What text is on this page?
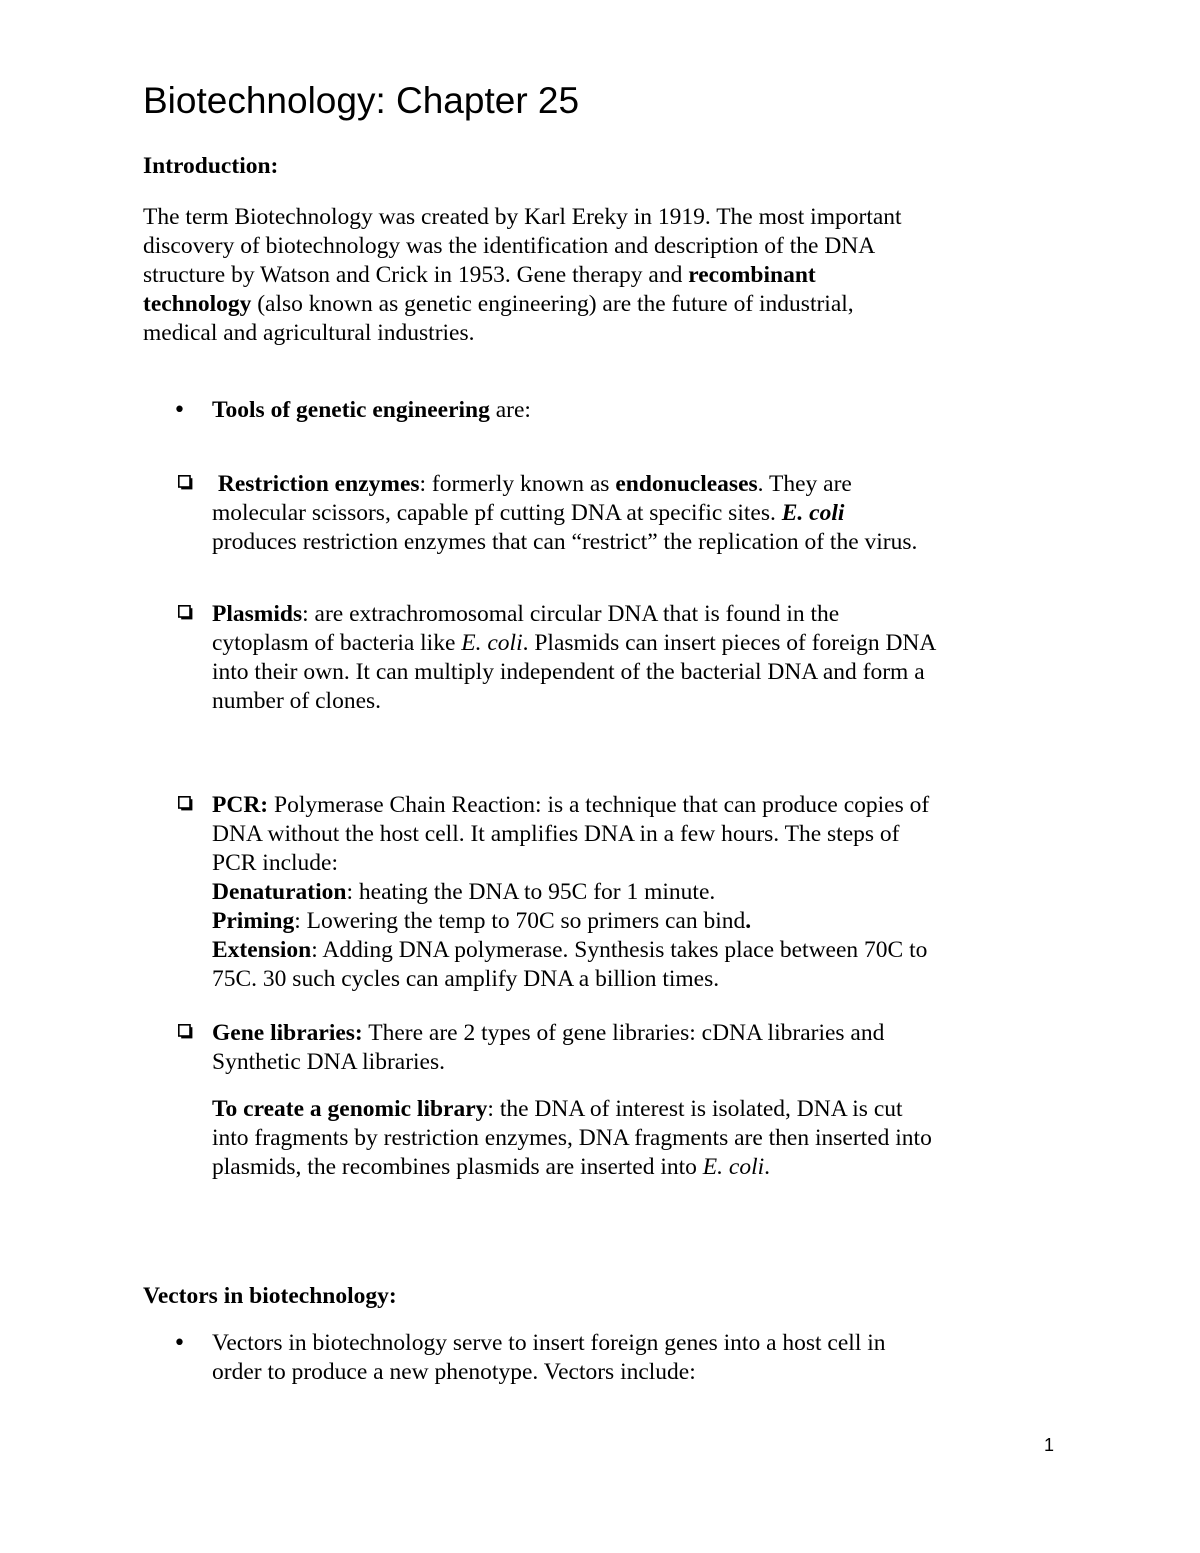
Biotechnology: Chapter 25

Introduction:

The term Biotechnology was created by Karl Ereky in 1919. The most important
discovery of biotechnology was the identification and description of the DNA
structure by Watson and Crick in 1953. Gene therapy and recombinant
technology (also known as genetic engineering) are the future of industrial,
medical and agricultural industries.
• Tools of genetic engineering are:
Restriction enzymes: formerly known as endonucleases. They are
molecular scissors, capable pf cutting DNA at specific sites. E. coli
produces restriction enzymes that can “restrict” the replication of the virus.
Plasmids: are extrachromosomal circular DNA that is found in the
cytoplasm of bacteria like E. coli. Plasmids can insert pieces of foreign DNA
into their own. It can multiply independent of the bacterial DNA and form a
number of clones.
PCR: Polymerase Chain Reaction: is a technique that can produce copies of
DNA without the host cell. It amplifies DNA in a few hours. The steps of
PCR include:
Denaturation: heating the DNA to 95C for 1 minute.
Priming: Lowering the temp to 70C so primers can bind.
Extension: Adding DNA polymerase. Synthesis takes place between 70C to
75C. 30 such cycles can amplify DNA a billion times.
Gene libraries: There are 2 types of gene libraries: cDNA libraries and
Synthetic DNA libraries.
To create a genomic library: the DNA of interest is isolated, DNA is cut
into fragments by restriction enzymes, DNA fragments are then inserted into
plasmids, the recombines plasmids are inserted into E. coli.

Vectors in biotechnology:

• Vectors in biotechnology serve to insert foreign genes into a host cell in
order to produce a new phenotype. Vectors include:
1
